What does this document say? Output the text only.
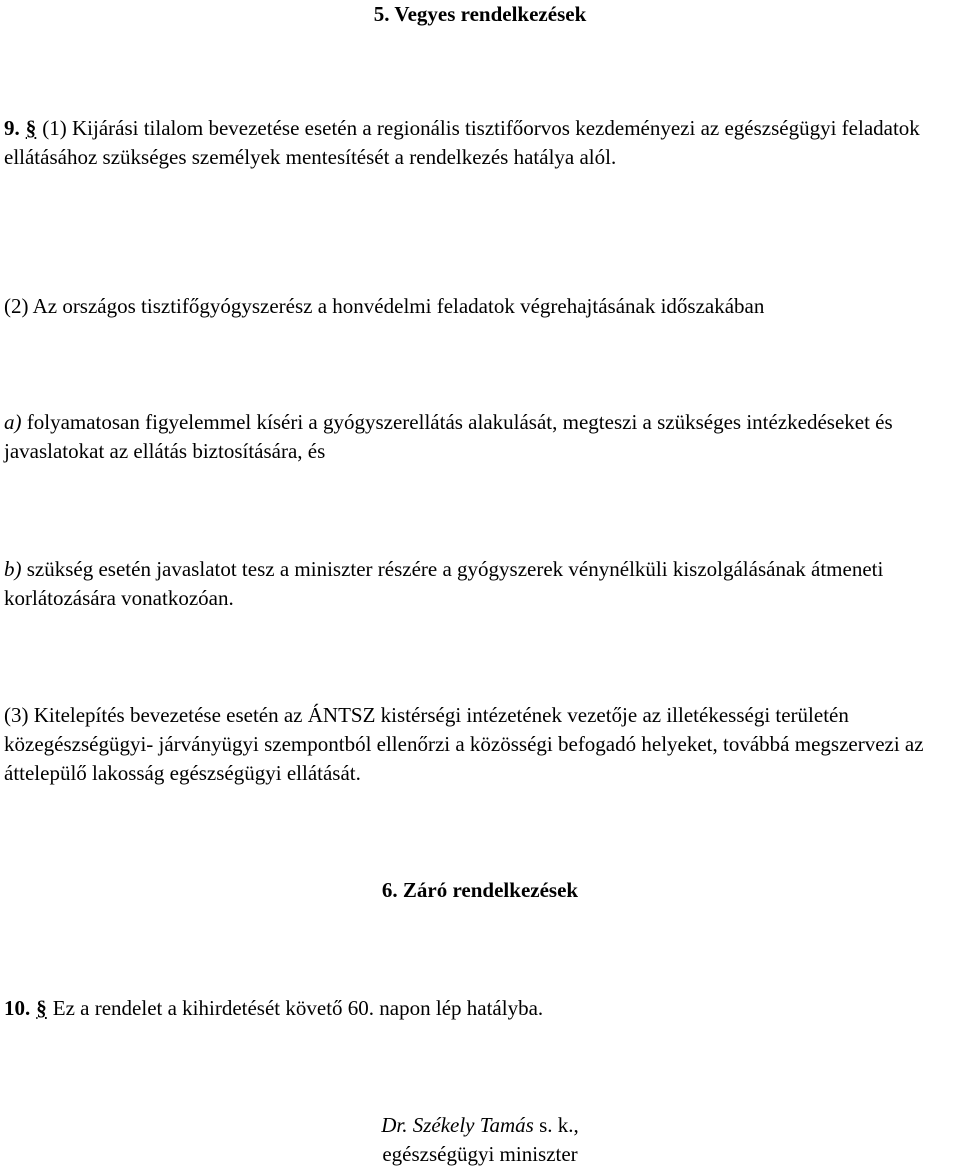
5. Vegyes rendelkezések

9. § (1) Kijárási tilalom bevezetése esetén a regionális tisztifőorvos kezdeményezi az egészségügyi feladatok ellátásához szükséges személyek mentesítését a rendelkezés hatálya alól.

(2) Az országos tisztifőgyógyszerész a honvédelmi feladatok végrehajtásának időszakában

a) folyamatosan figyelemmel kíséri a gyógyszerellátás alakulását, megteszi a szükséges intézkedéseket és javaslatokat az ellátás biztosítására, és

b) szükség esetén javaslatot tesz a miniszter részére a gyógyszerek vénynélküli kiszolgálásának átmeneti korlátozására vonatkozóan.

(3) Kitelepítés bevezetése esetén az ÁNTSZ kistérségi intézetének vezetője az illetékességi területén közegészségügyi- járványügyi szempontból ellenőrzi a közösségi befogadó helyeket, továbbá megszervezi az áttelepülő lakosság egészségügyi ellátását.

6. Záró rendelkezések

10. § Ez a rendelet a kihirdetését követő 60. napon lép hatályba.

Dr. Székely Tamás s. k.,

egészségügyi miniszter
